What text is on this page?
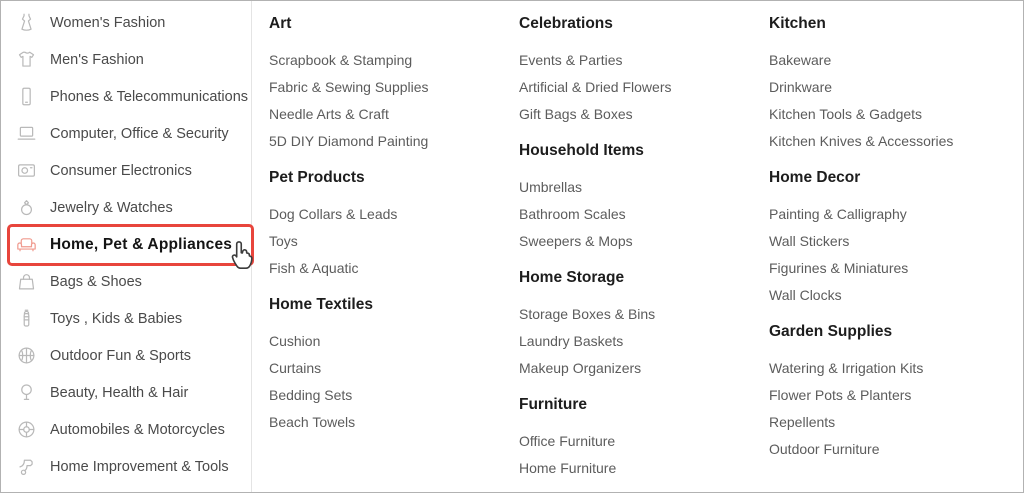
Women's Fashion
Men's Fashion
Phones & Telecommunications
Computer, Office & Security
Consumer Electronics
Jewelry & Watches
Home, Pet & Appliances
Bags & Shoes
Toys , Kids & Babies
Outdoor Fun & Sports
Beauty, Health & Hair
Automobiles & Motorcycles
Home Improvement & Tools
Art
Scrapbook & Stamping
Fabric & Sewing Supplies
Needle Arts & Craft
5D DIY Diamond Painting
Pet Products
Dog Collars & Leads
Toys
Fish & Aquatic
Home Textiles
Cushion
Curtains
Bedding Sets
Beach Towels
Celebrations
Events & Parties
Artificial & Dried Flowers
Gift Bags & Boxes
Household Items
Umbrellas
Bathroom Scales
Sweepers & Mops
Home Storage
Storage Boxes & Bins
Laundry Baskets
Makeup Organizers
Furniture
Office Furniture
Home Furniture
Kitchen
Bakeware
Drinkware
Kitchen Tools & Gadgets
Kitchen Knives & Accessories
Home Decor
Painting & Calligraphy
Wall Stickers
Figurines & Miniatures
Wall Clocks
Garden Supplies
Watering & Irrigation Kits
Flower Pots & Planters
Repellents
Outdoor Furniture
